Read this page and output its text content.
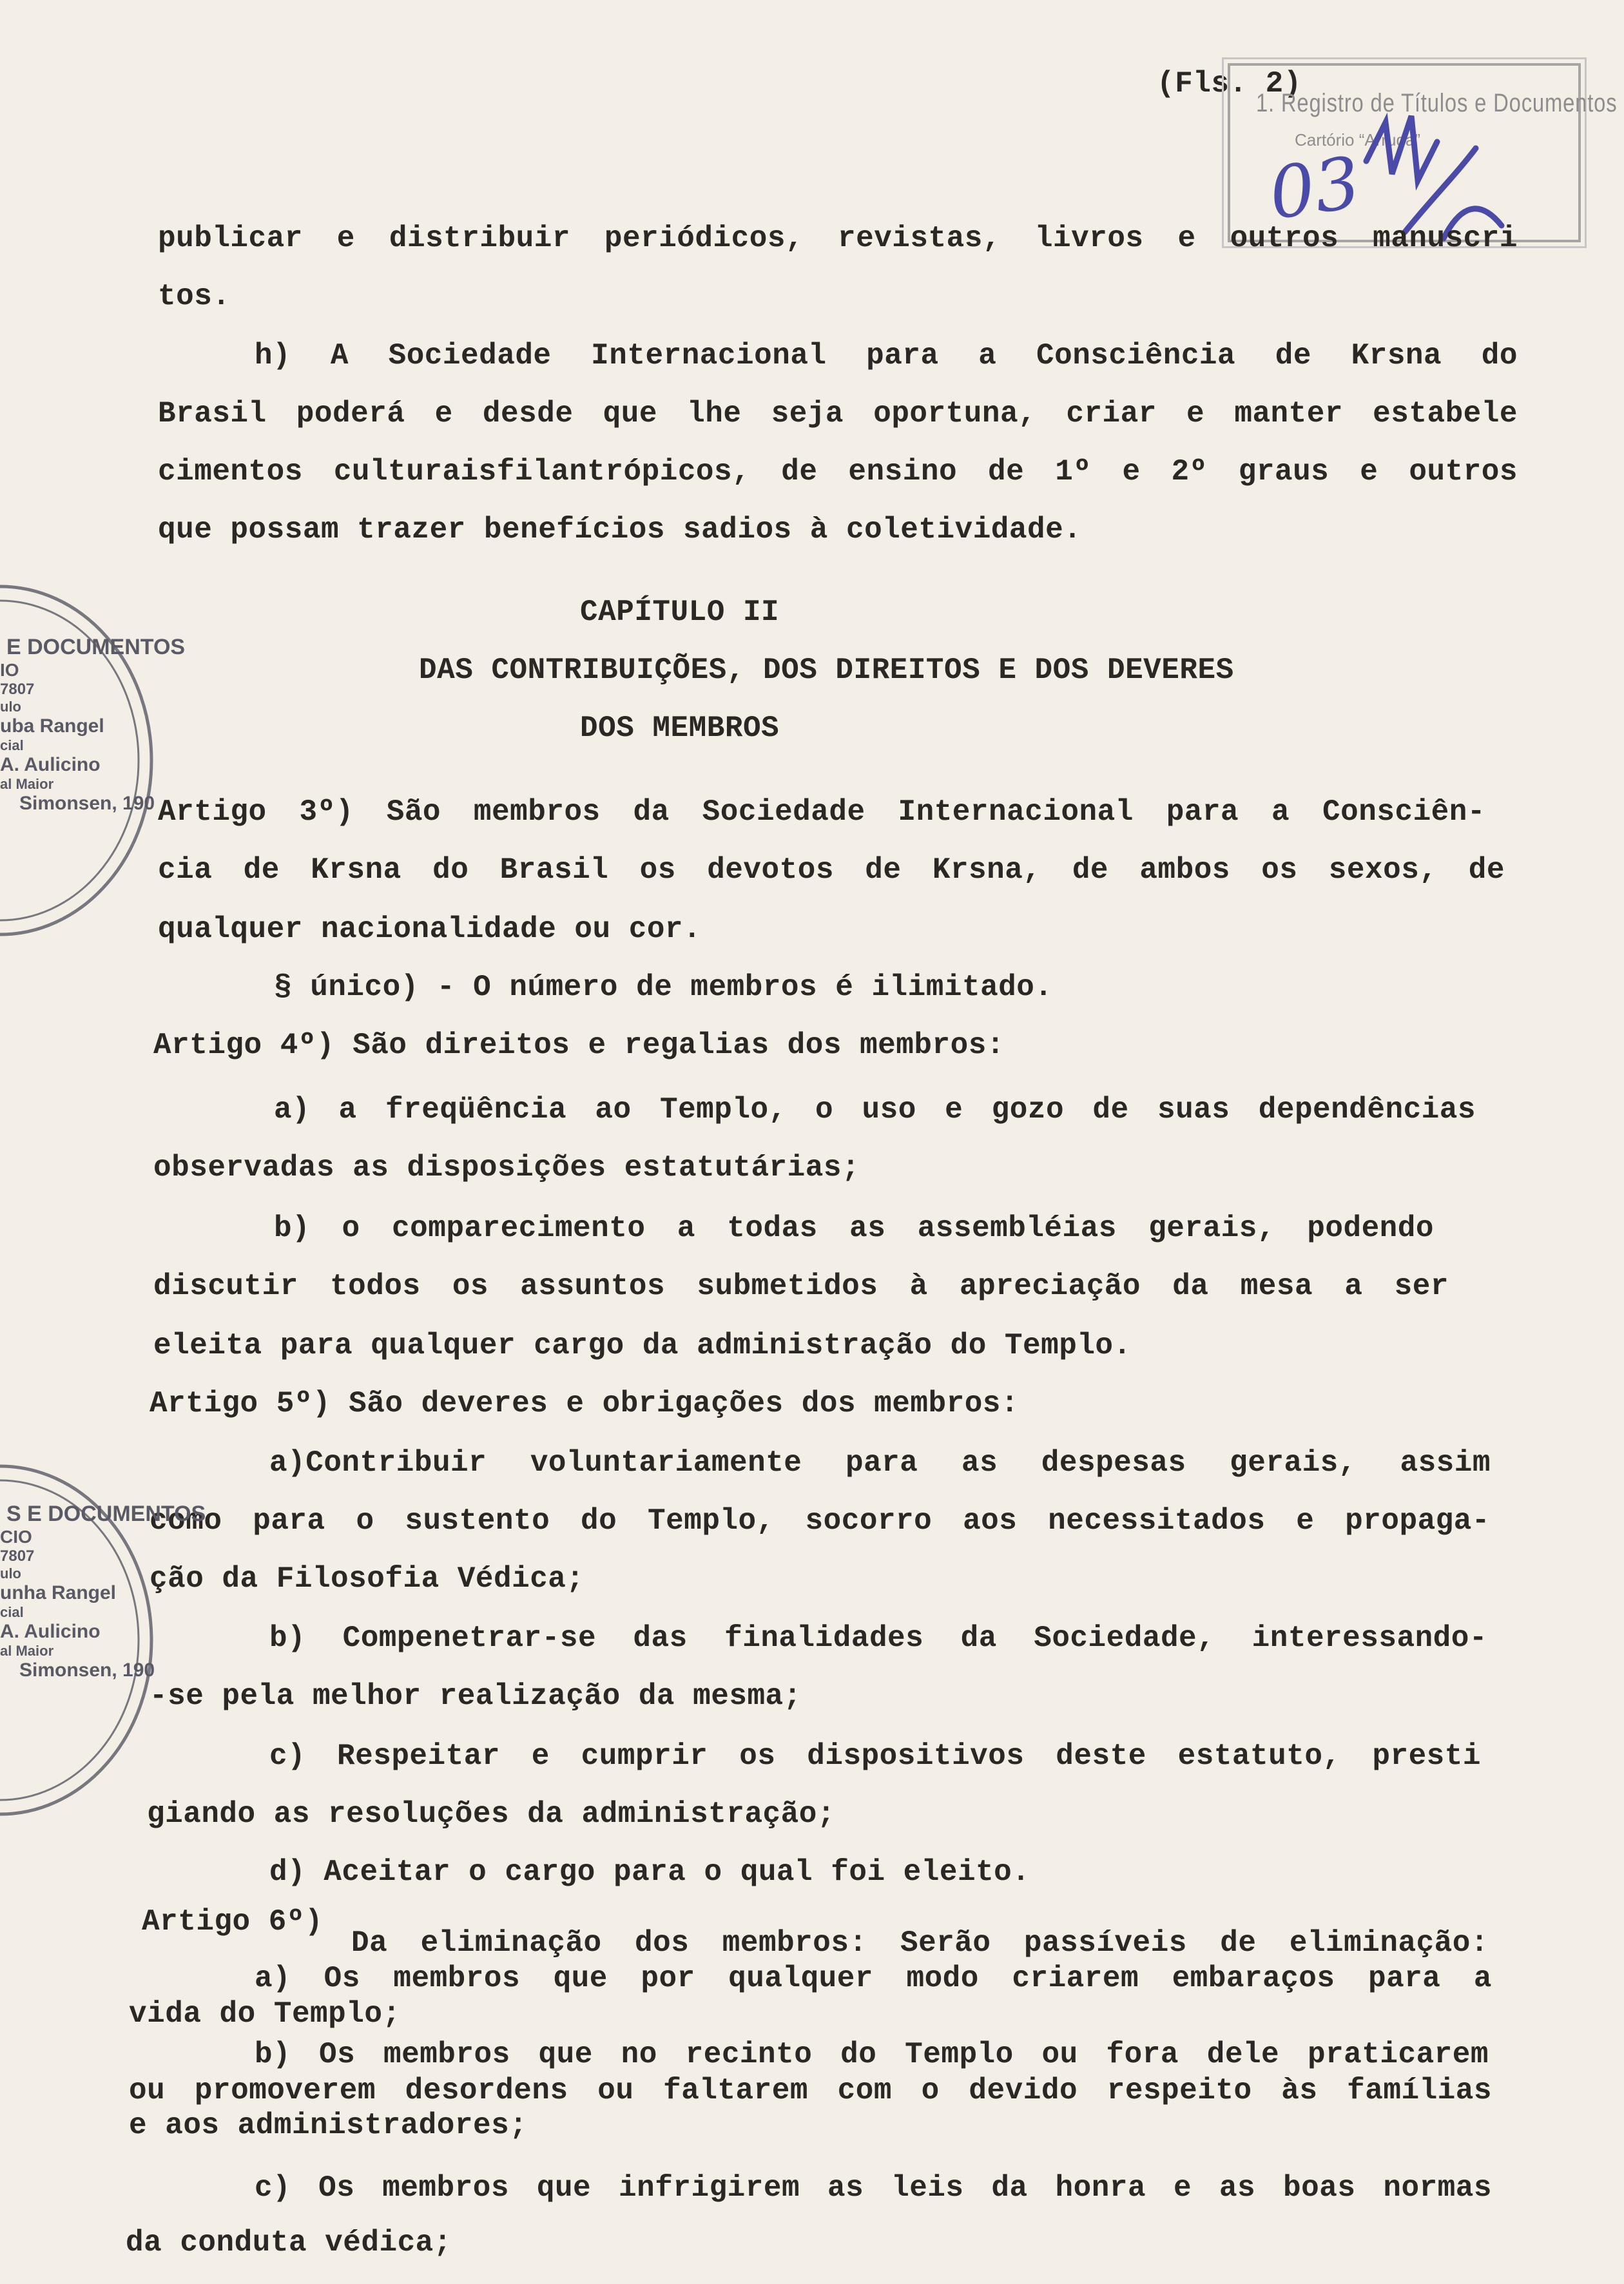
(Fls. 2)
1. Registro de Títulos e Documentos
Cartório “Arruda”
03
publicar e distribuir periódicos, revistas, livros e outros manuscri
tos.
h) A Sociedade Internacional para a Consciência de Krsna do
Brasil poderá e desde que lhe seja oportuna, criar e manter estabele
cimentos culturaisfilantrópicos, de ensino de 1º e 2º graus e outros
que possam trazer benefícios sadios à coletividade.
CAPÍTULO II
DAS CONTRIBUIÇÕES, DOS DIREITOS E DOS DEVERES
DOS MEMBROS
Artigo 3º) São membros da Sociedade Internacional para a Consciên-
cia de Krsna do Brasil os devotos de Krsna, de ambos os sexos, de
qualquer nacionalidade ou cor.
§ único) - O número de membros é ilimitado.
Artigo 4º) São direitos e regalias dos membros:
a) a freqüência ao Templo, o uso e gozo de suas dependências
observadas as disposições estatutárias;
b) o comparecimento a todas as assembléias gerais, podendo
discutir todos os assuntos submetidos à apreciação da mesa a ser
eleita para qualquer cargo da administração do Templo.
Artigo 5º) São deveres e obrigações dos membros:
a)Contribuir voluntariamente para as despesas gerais, assim
como para o sustento do Templo, socorro aos necessitados e propaga-
ção da Filosofia Védica;
b) Compenetrar-se das finalidades da Sociedade, interessando-
-se pela melhor realização da mesma;
c) Respeitar e cumprir os dispositivos deste estatuto, presti
giando as resoluções da administração;
d) Aceitar o cargo para o qual foi eleito.
Artigo 6º)
Da eliminação dos membros: Serão passíveis de eliminação:
a) Os membros que por qualquer modo criarem embaraços para a
vida do Templo;
b) Os membros que no recinto do Templo ou fora dele praticarem
ou promoverem desordens ou faltarem com o devido respeito às famílias
e aos administradores;
c) Os membros que infrigirem as leis da honra e as boas normas
da conduta védica;
E DOCUMENTOS
IO
7807
ulo
uba Rangel
cial
A. Aulicino
al Maior
Simonsen, 190
S E DOCUMENTOS
CIO
7807
ulo
unha Rangel
cial
A. Aulicino
al Maior
Simonsen, 190
